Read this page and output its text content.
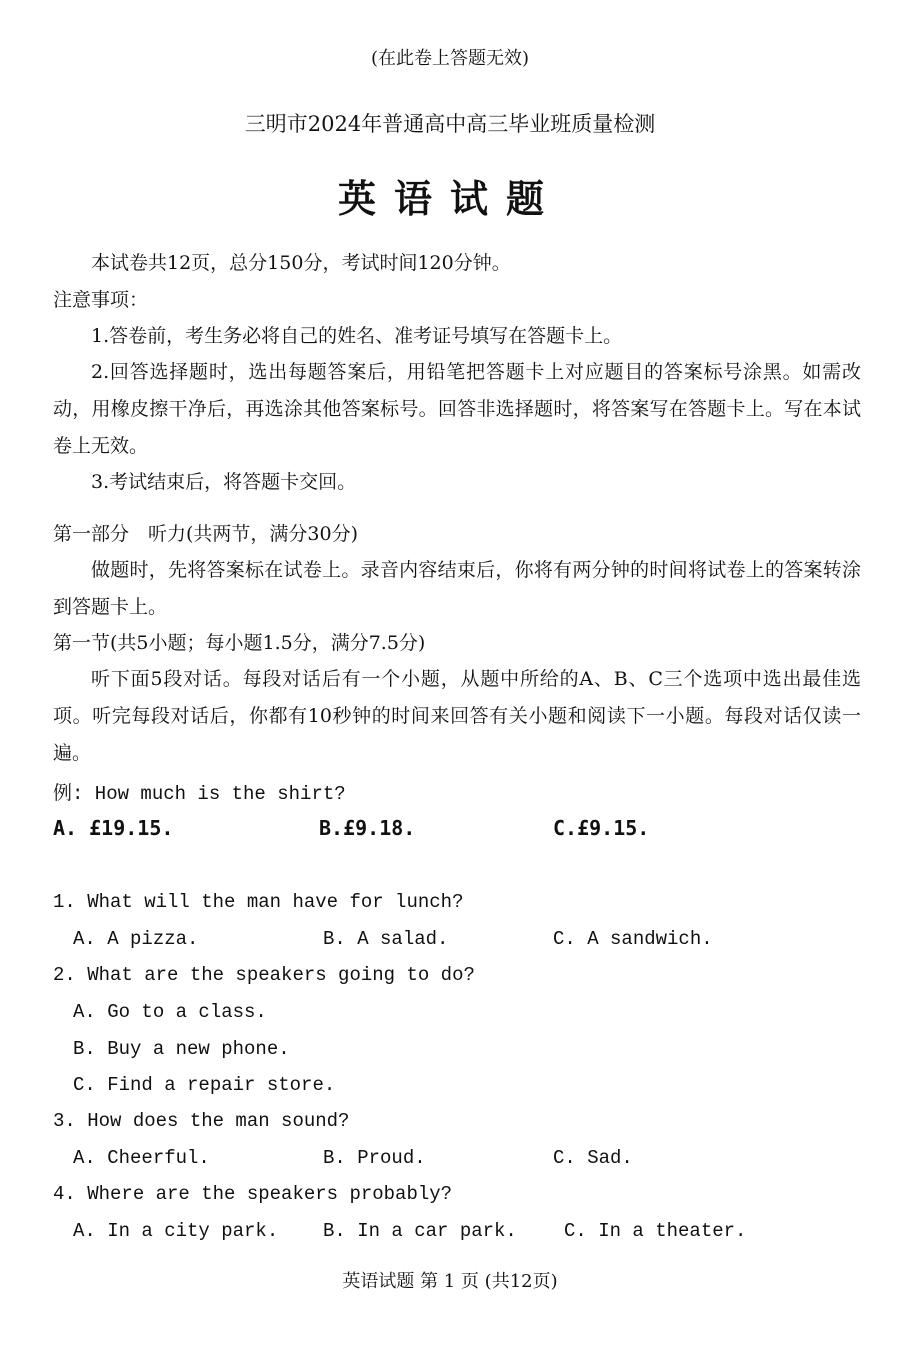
(在此卷上答题无效)
三明市2024年普通高中高三毕业班质量检测
英语试题
本试卷共12页，总分150分，考试时间120分钟。
注意事项：
1.答卷前，考生务必将自己的姓名、准考证号填写在答题卡上。
2.回答选择题时，选出每题答案后，用铅笔把答题卡上对应题目的答案标号涂黑。如需改动，用橡皮擦干净后，再选涂其他答案标号。回答非选择题时，将答案写在答题卡上。写在本试卷上无效。
3.考试结束后，将答题卡交回。
第一部分　听力(共两节，满分30分)
做题时，先将答案标在试卷上。录音内容结束后，你将有两分钟的时间将试卷上的答案转涂到答题卡上。
第一节(共5小题；每小题1.5分，满分7.5分)
听下面5段对话。每段对话后有一个小题，从题中所给的A、B、C三个选项中选出最佳选项。听完每段对话后，你都有10秒钟的时间来回答有关小题和阅读下一小题。每段对话仅读一遍。
例: How much is the shirt?
A. £19.15.	B.£9.18.	C.£9.15.
1. What will the man have for lunch?
A. A pizza.	B. A salad.	C. A sandwich.
2. What are the speakers going to do?
A. Go to a class.
B. Buy a new phone.
C. Find a repair store.
3. How does the man sound?
A. Cheerful.	B. Proud.	C. Sad.
4. Where are the speakers probably?
A. In a city park. B. In a car park. C. In a theater.
英语试题 第 1 页 (共12页)
